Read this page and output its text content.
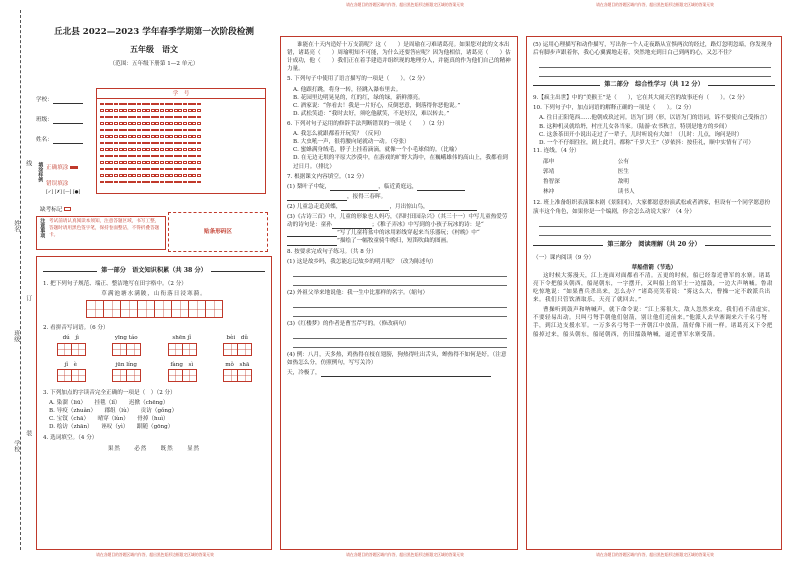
请在各题目的答题区域内作答，超出黑色矩形边框限定区域的答案无效	请在各题目的答题区域内作答，超出黑色矩形边框限定区域的答案无效
请在各题目的答题区域内作答，超出黑色矩形边框限定区域的答案无效	请在各题目的答题区域内作答，超出黑色矩形边框限定区域的答案无效	请在各题目的答题区域内作答，超出黑色矩形边框限定区域的答案无效
姓名
线
班级
订
学校
装
丘北县 2022—2023 学年春季学期第一次阶段检测
五年级　语文
（范围：五年级下册第 1—2 单元）
学校：
班级：
姓名：
学　号
填涂样例 正确填涂
错误填涂
[✓] [✗] [—] [●]
缺考标记
注意事项 考试前请认真阅读本须知，注意答题区域，书写工整，答题时请用黑色签字笔，保持卷面整洁，不得折叠答题卡。
贴条形码区
第一部分　语文知识积累（共 38 分）
1. 把下列句子规范、端正、整洁地写在田字格中。（2 分）
草满池塘水满陂，山衔落日浸寒漪。
2. 看拼音写词语。（6 分）
dú　jì	yīng táo	shēn jǐ	bèi　dǔ
jǐ　è	jūn líng	fàng　sì	mǒ　shā
3. 下列加点的字读音完全正确的一项是（　）（2 分）
A. 染溜（liū）　　挂毯（lǐ）　　迟掀（chēng）
B. 导疫（zhuǎn）　　郡组（lù）　　贡访（gǒng）
C. 宝钗（chā）　　晴穿（lùn）　　骨掉（huì）
D. 绘访（zhān）　　诬叹（yì）　　跟随（gōng）
4. 选词填空。（4 分）
果然　　必然　　既然　　显然
谁能在十天内造好十万支箭呢？这（　　）是周瑜在刁难诸葛亮。如果您对此的文本出错，诸葛亮（　　）周瑜明知不可能，为什么还要答应呢？因为他相信，诸葛亮（　　）估计成功，他（　　）我们正在着手建造并组织现的地理分人，并能真的作为他们自己的精神力量。
5. 下列句子中使用了语言描写的一项是（　　）。（2 分）
A. 他跟打跳，将身一转，径跳入瀑布里去。
B. 花园里边明晃晃的，红的红，绿的绿，新鲜漂亮。
C. 酒家说：“你看去！我是一片好心，反倒恶意，倒落得你恶他说。”
D. 武松笑道：“我时去好，须吃他献笑，不是好汉，难以转去。”
6. 下列对句子运用的修辞手法判断错误的一项是（　　）（2 分）
A. 我怎么就跟都着开玩笑？（反问）
B. 大虫吼一声，很将腰向尾就动一动。（夸张）
C. 蜜蜂满身绒毛，脖子上挂着滴滴，就像一个小毛球似的。（比喻）
D. 在无边无垠的平原大沙漠中，在游戏的旷野大海中，在巍峨雄伟的高山上，我都看到过日月。（排比）
7. 根据课文内容填空。（12 分）
(1) 梨叶子中绽，	，临近黄庭远，
，报得三春晖。
(2) 儿童急走追黄蝶，	，月出惊山鸟，
(3)《古诗三首》中，儿童的形象也人妈巧，《四时田园杂兴》（其三十一）中写儿童热爱劳动的诗句是：童孙	；《稚子弄冰》中写到的小孩子玩冰的诗：是“”写了儿童将盆中的冰用彩线穿起来当乐器玩；《村晚》中“”描绘了一幅牧童骑牛晚归，短笛吹曲的图画。
8. 按要求完成句子练习。（共 8 分）
(1) 这是故乡吗，我怎能忘记故乡的明月呢？（改为陈述句）
(2) 外祖父举来地说他：我一生中比那样的名字。（缩句）
(3)《红楼梦》的作者是曹雪芹写的。（修改病句）
(4) 例：八月，天多热，鸡热得在枝在翅膀，狗热得吐出舌头，蝉热得不如何是好。（注意如热怎么分，仿照例句，写写关冷）
天，冷极了，
(5) 运用心理描写和动作描写，写出你一个人走夜路从宣惧两次的经过，路灯忽明忽暗，你发现身后有脚步声跟着你，我心心翼翼地走着，突然地充到日白己到两的心，又怎不住？
第二部分　综合性学习（共 12 分）
9.【疯主出世】中的“美猴王”是（　　），它在其大闹天宫的故事还有（　　）。（2 分）
10. 下列句子中，加点词语的解释正确的一项是（　　）。（2 分）
A. 往日正阳笔西……他朝成玖过河。语为门到（形，以语为门的语词，诉不要使自己受指言）
B. 这种机灵就给坍，村庄儿女各当家。（陆游·农书秋言，特别是地方的乡间）
C. 这条茶田开小说出走过了一辈子，儿时听说有大如！（儿时：儿点，询问是时）
D. 一个不仔细往拉，剧上此月，都称“千岁大王”（岁依抖：按佳礼，顺中实情有了可）
11. 连线。（4 分）
邵申		公有
郭靖		医生
鲁智深		敌明
林冲		读书人
12. 班上准备组织表演课本剧《景阳冈》，大家都愿意扮演武松或者酒家，但设有一个同学愿意扮演丰这个角色，如果你是一个编剧，你会怎么动说大家？（4 分）
第三部分　阅读理解（共 20 分）
（一）课内阅读（9 分）
草船借箭（节选）
这时候大雾漫天，江上连面对面都看不清。五更的时候，船已经靠近曹军的水寨。诸葛亮下令把船头朝西，船尾朝东，一字摆开，又叫船上的军士一边擂鼓，一边大声呐喊。鲁肃吃惊地说：“如果曹兵杀出来，怎么办？”诸葛亮笑着说：“雾这么大，曹操一定不敢派兵出来。我们只管饮酒取乐，天亮了就回去。”
曹操听到鼓声和呐喊声，就下命令说：“江上雾很大，敌人忽然来攻，我们看不清虚实，不要轻易出动。只叫弓弩手朝他们射箭，别让他们近前来。”他派人去旱寨调来六千名弓弩手，到江边支援水军。一万多名弓弩手一齐朝江中放箭，箭好像下雨一样。诸葛亮又下令把船掉过来，船头朝东，船尾朝西，仍旧擂鼓呐喊，逼近曹军水寨受箭。
